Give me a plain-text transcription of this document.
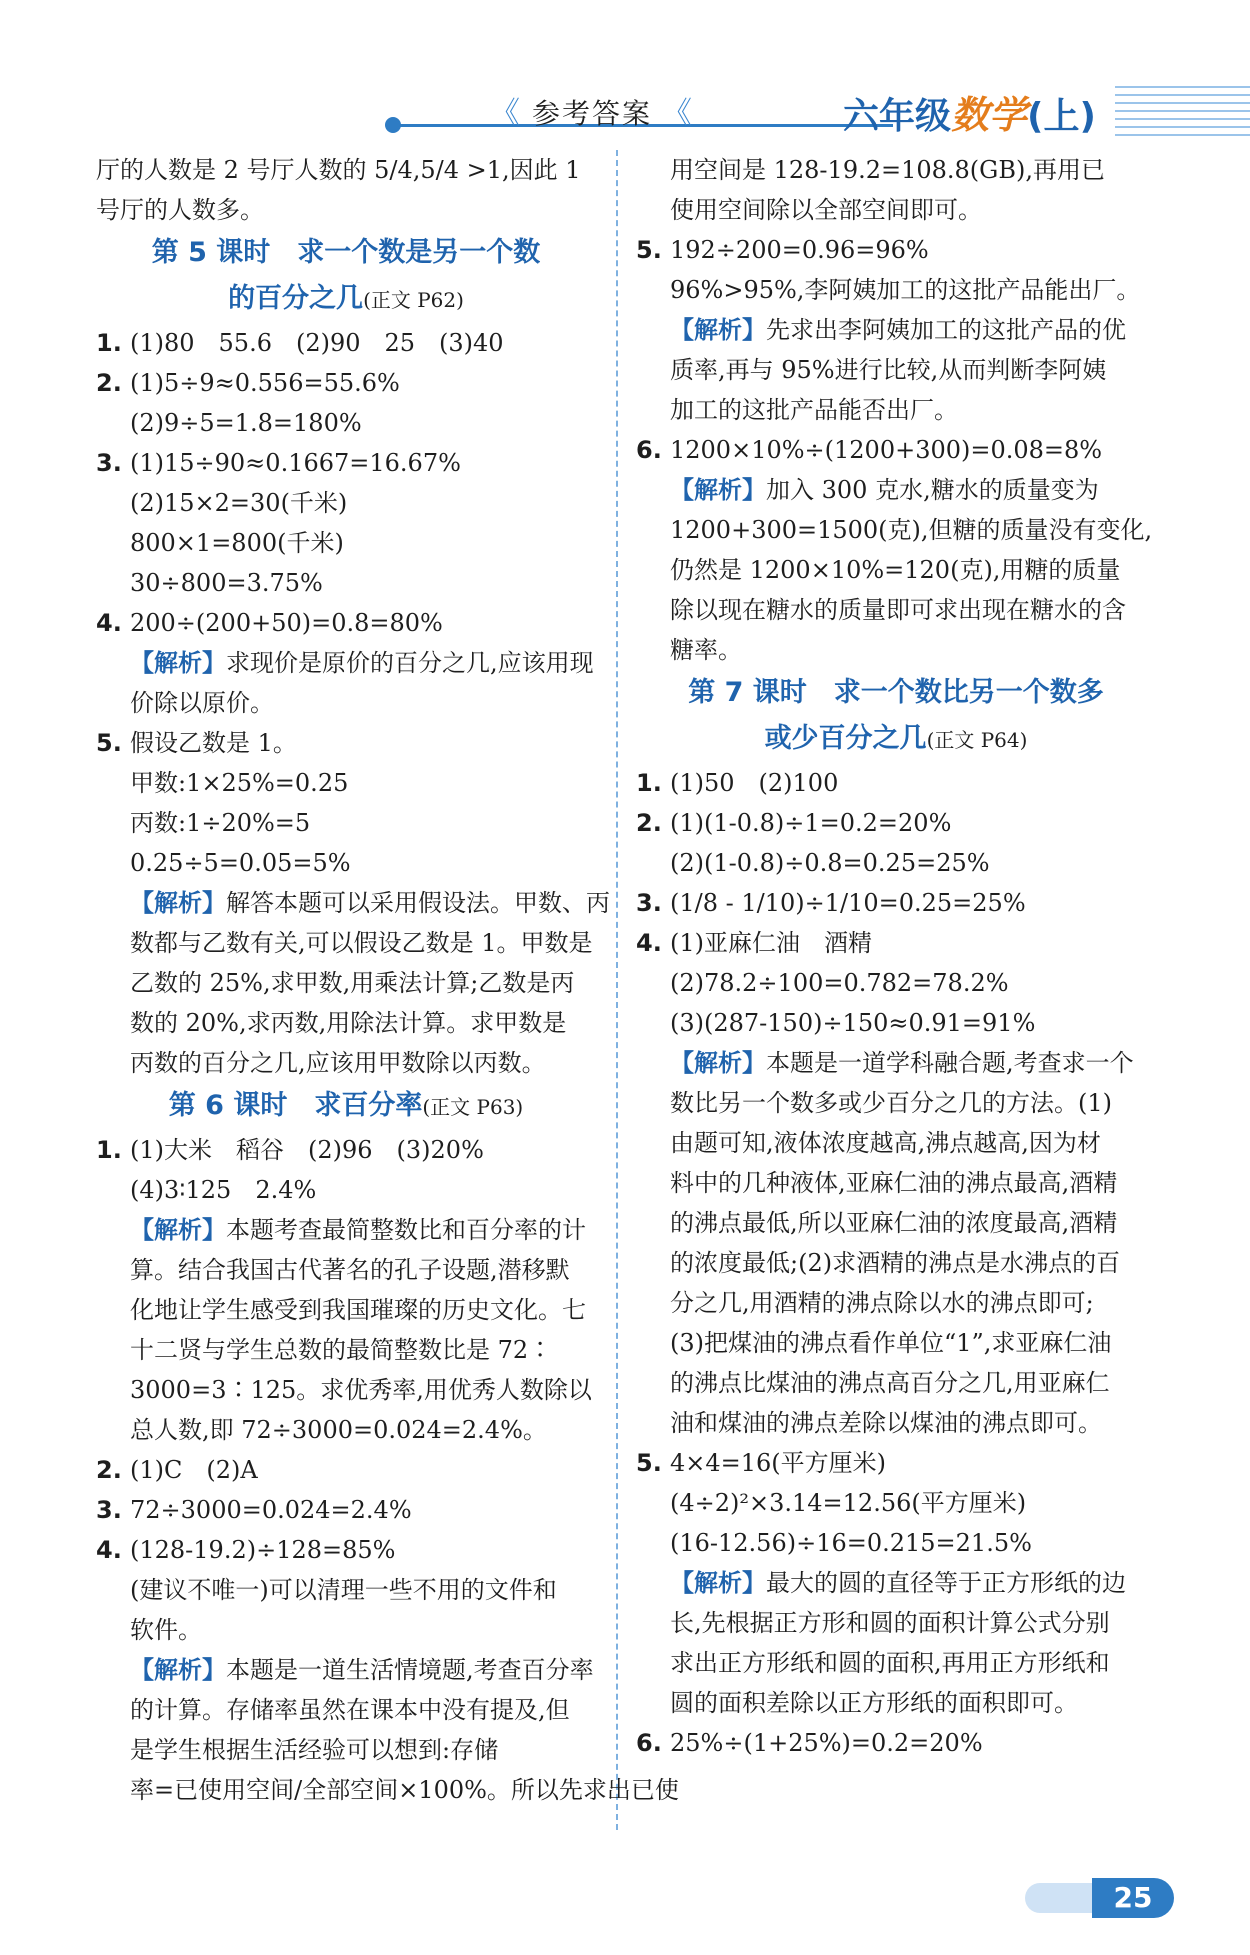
《 参考答案 《	六年级数学(上)
厅的人数是 2 号厅人数的 5/4,5/4 >1,因此 1
号厅的人数多。
第 5 课时　求一个数是另一个数
的百分之几(正文 P62)
1. (1)80　55.6　(2)90　25　(3)40
2. (1)5÷9≈0.556=55.6%
(2)9÷5=1.8=180%
3. (1)15÷90≈0.1667=16.67%
(2)15×2=30(千米)
800×1=800(千米)
30÷800=3.75%
4. 200÷(200+50)=0.8=80%
【解析】求现价是原价的百分之几,应该用现
价除以原价。
5. 假设乙数是 1。
甲数:1×25%=0.25
丙数:1÷20%=5
0.25÷5=0.05=5%
【解析】解答本题可以采用假设法。甲数、丙
数都与乙数有关,可以假设乙数是 1。甲数是
乙数的 25%,求甲数,用乘法计算;乙数是丙
数的 20%,求丙数,用除法计算。求甲数是
丙数的百分之几,应该用甲数除以丙数。
第 6 课时　求百分率(正文 P63)
1. (1)大米　稻谷　(2)96　(3)20%
(4)3∶125　2.4%
【解析】本题考查最简整数比和百分率的计
算。结合我国古代著名的孔子设题,潜移默
化地让学生感受到我国璀璨的历史文化。七
十二贤与学生总数的最简整数比是 72∶
3000=3∶125。求优秀率,用优秀人数除以
总人数,即 72÷3000=0.024=2.4%。
2. (1)C　(2)A
3. 72÷3000=0.024=2.4%
4. (128-19.2)÷128=85%
(建议不唯一)可以清理一些不用的文件和
软件。
【解析】本题是一道生活情境题,考查百分率
的计算。存储率虽然在课本中没有提及,但
是学生根据生活经验可以想到:存储
率=已使用空间/全部空间×100%。所以先求出已使
用空间是 128-19.2=108.8(GB),再用已
使用空间除以全部空间即可。
5. 192÷200=0.96=96%
96%>95%,李阿姨加工的这批产品能出厂。
【解析】先求出李阿姨加工的这批产品的优
质率,再与 95%进行比较,从而判断李阿姨
加工的这批产品能否出厂。
6. 1200×10%÷(1200+300)=0.08=8%
【解析】加入 300 克水,糖水的质量变为
1200+300=1500(克),但糖的质量没有变化,
仍然是 1200×10%=120(克),用糖的质量
除以现在糖水的质量即可求出现在糖水的含
糖率。
第 7 课时　求一个数比另一个数多
或少百分之几(正文 P64)
1. (1)50　(2)100
2. (1)(1-0.8)÷1=0.2=20%
(2)(1-0.8)÷0.8=0.25=25%
3. (1/8 - 1/10)÷1/10=0.25=25%
4. (1)亚麻仁油　酒精
(2)78.2÷100=0.782=78.2%
(3)(287-150)÷150≈0.91=91%
【解析】本题是一道学科融合题,考查求一个
数比另一个数多或少百分之几的方法。(1)
由题可知,液体浓度越高,沸点越高,因为材
料中的几种液体,亚麻仁油的沸点最高,酒精
的沸点最低,所以亚麻仁油的浓度最高,酒精
的浓度最低;(2)求酒精的沸点是水沸点的百
分之几,用酒精的沸点除以水的沸点即可;
(3)把煤油的沸点看作单位“1”,求亚麻仁油
的沸点比煤油的沸点高百分之几,用亚麻仁
油和煤油的沸点差除以煤油的沸点即可。
5. 4×4=16(平方厘米)
(4÷2)²×3.14=12.56(平方厘米)
(16-12.56)÷16=0.215=21.5%
【解析】最大的圆的直径等于正方形纸的边
长,先根据正方形和圆的面积计算公式分别
求出正方形纸和圆的面积,再用正方形纸和
圆的面积差除以正方形纸的面积即可。
6. 25%÷(1+25%)=0.2=20%
25
